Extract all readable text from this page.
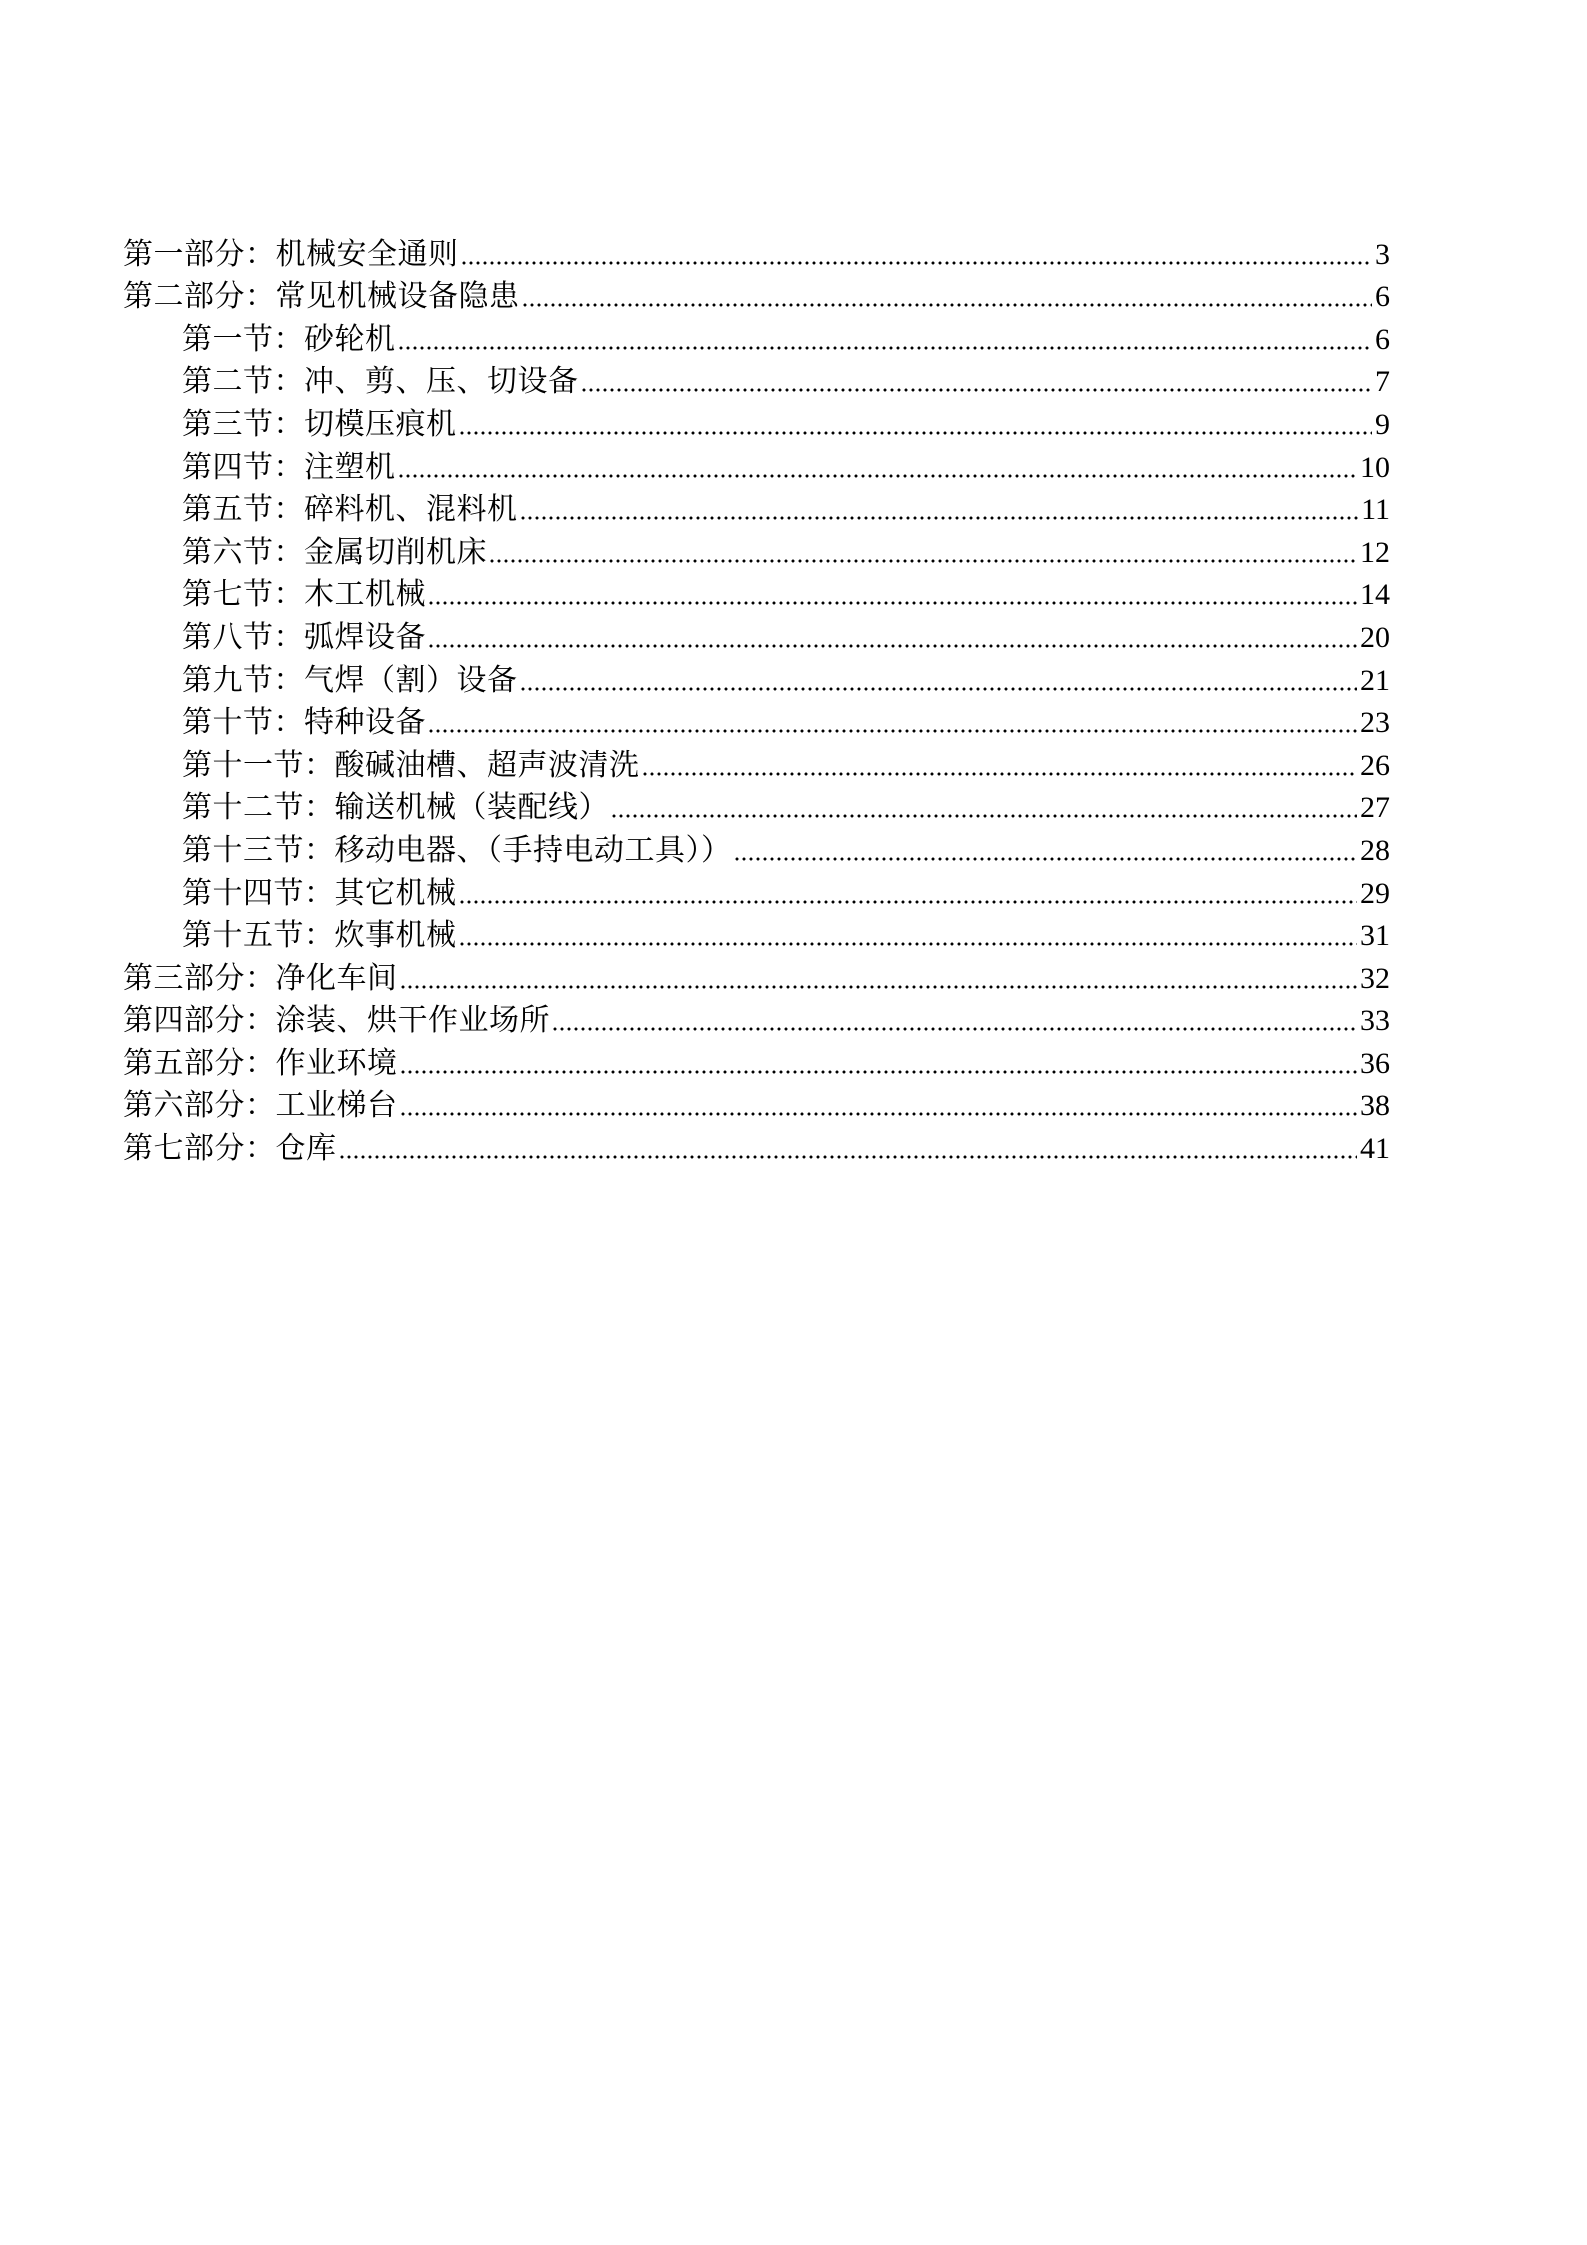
第一部分：机械安全通则	3
第二部分：常见机械设备隐患	6
第一节：砂轮机	6
第二节：冲、剪、压、切设备	7
第三节：切模压痕机	9
第四节：注塑机	10
第五节：碎料机、混料机	11
第六节：金属切削机床	12
第七节：木工机械	14
第八节：弧焊设备	20
第九节：气焊（割）设备	21
第十节：特种设备	23
第十一节：酸碱油槽、超声波清洗	26
第十二节：输送机械（装配线）	27
第十三节：移动电器、（手持电动工具））	28
第十四节：其它机械	29
第十五节：炊事机械	31
第三部分：净化车间	32
第四部分：涂装、烘干作业场所	33
第五部分：作业环境	36
第六部分：工业梯台	38
第七部分：仓库	41
